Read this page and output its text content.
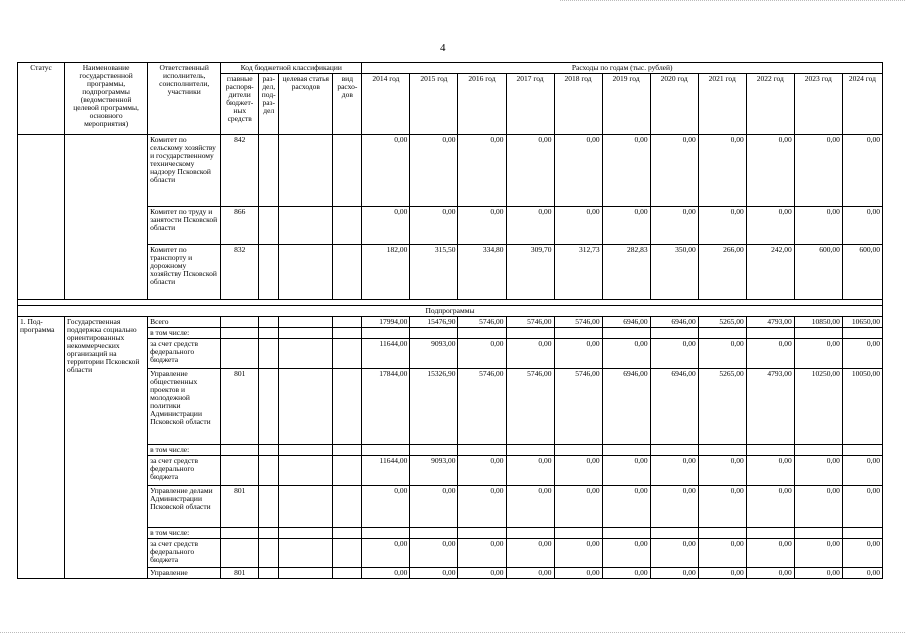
4
Статус	Наименование государственной программы, подпрограммы (ведомственной целевой программы, основного мероприятия)	Ответственный исполнитель, соисполнители, участники	Код бюджетной классификации				Расходы по годам (тыс. рублей)										
			главные распоря-дители бюджет-ных средств	раз-дел, под-раз-дел	целевая статья расходов	вид расхо-дов	2014 год	2015 год	2016 год	2017 год	2018 год	2019 год	2020 год	2021 год	2022 год	2023 год	2024 год
		Комитет по сельскому хозяйству и государственному техническому надзору Псковской области	842				0,00	0,00	0,00	0,00	0,00	0,00	0,00	0,00	0,00	0,00	0,00
		Комитет по труду и занятости Псковской области	866				0,00	0,00	0,00	0,00	0,00	0,00	0,00	0,00	0,00	0,00	0,00
		Комитет по транспорту и дорожному хозяйству Псковской области	832				182,00	315,50	334,80	309,70	312,73	282,83	350,00	266,00	242,00	600,00	600,00

Подпрограммы																	
1. Под-программа	Государственная поддержка социально ориентированных некоммерческих организаций на территории Псковской области	Всего					17994,00	15476,90	5746,00	5746,00	5746,00	6946,00	6946,00	5265,00	4793,00	10850,00	10650,00
		в том числе:															
		за счет средств федерального бюджета					11644,00	9093,00	0,00	0,00	0,00	0,00	0,00	0,00	0,00	0,00	0,00
		Управление общественных проектов и молодежной политики Администрации Псковской области	801				17844,00	15326,90	5746,00	5746,00	5746,00	6946,00	6946,00	5265,00	4793,00	10250,00	10050,00
		в том числе:															
		за счет средств федерального бюджета					11644,00	9093,00	0,00	0,00	0,00	0,00	0,00	0,00	0,00	0,00	0,00
		Управление делами Администрации Псковской области	801				0,00	0,00	0,00	0,00	0,00	0,00	0,00	0,00	0,00	0,00	0,00
		в том числе:															
		за счет средств федерального бюджета					0,00	0,00	0,00	0,00	0,00	0,00	0,00	0,00	0,00	0,00	0,00
		Управление	801				0,00	0,00	0,00	0,00	0,00	0,00	0,00	0,00	0,00	0,00	0,00
